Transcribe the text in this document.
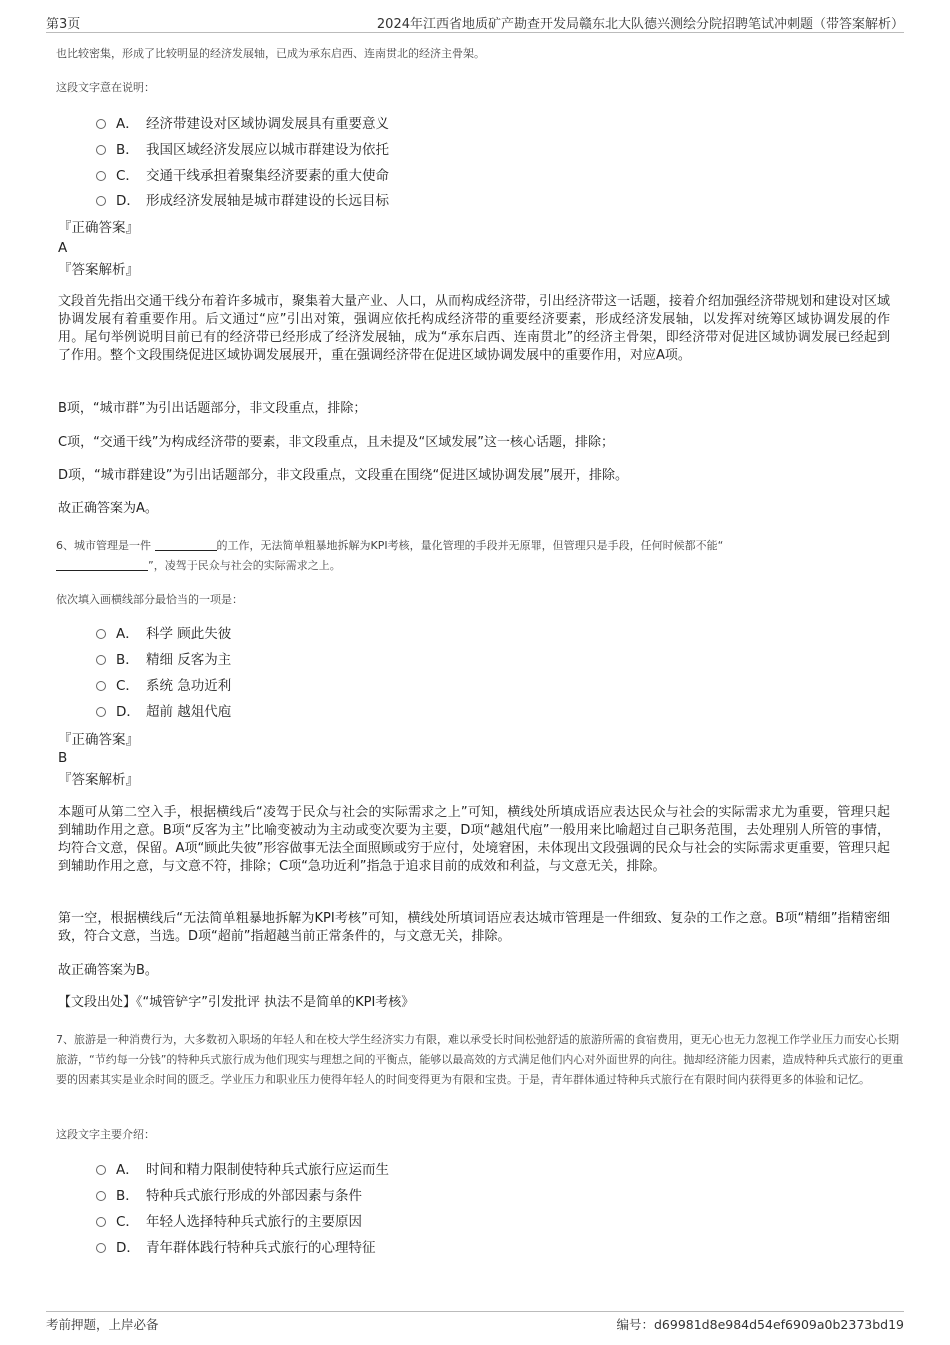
第3页	2024年江西省地质矿产勘查开发局赣东北大队德兴测绘分院招聘笔试冲刺题（带答案解析）
也比较密集，形成了比较明显的经济发展轴，已成为承东启西、连南贯北的经济主骨架。
这段文字意在说明：
A． 经济带建设对区域协调发展具有重要意义
B． 我国区域经济发展应以城市群建设为依托
C． 交通干线承担着聚集经济要素的重大使命
D． 形成经济发展轴是城市群建设的长远目标
『正确答案』
A
『答案解析』
文段首先指出交通干线分布着许多城市，聚集着大量产业、人口，从而构成经济带，引出经济带这一话题，接着介绍加强经济带规划和建设对区域协调发展有着重要作用。后文通过“应”引出对策，强调应依托构成经济带的重要经济要素，形成经济发展轴，以发挥对统筹区域协调发展的作用。尾句举例说明目前已有的经济带已经形成了经济发展轴，成为“承东启西、连南贯北”的经济主骨架，即经济带对促进区域协调发展已经起到了作用。整个文段围绕促进区域协调发展展开，重在强调经济带在促进区域协调发展中的重要作用，对应A项。
B项，“城市群”为引出话题部分，非文段重点，排除；
C项，“交通干线”为构成经济带的要素，非文段重点，且未提及“区域发展”这一核心话题，排除；
D项，“城市群建设”为引出话题部分，非文段重点，文段重在围绕“促进区域协调发展”展开，排除。
故正确答案为A。
6、城市管理是一件	的工作，无法简单粗暴地拆解为KPI考核，量化管理的手段并无原罪，但管理只是手段，任何时候都不能“
”，凌驾于民众与社会的实际需求之上。
依次填入画横线部分最恰当的一项是：
A． 科学 顾此失彼
B． 精细 反客为主
C． 系统 急功近利
D． 超前 越俎代庖
『正确答案』
B
『答案解析』
本题可从第二空入手，根据横线后“凌驾于民众与社会的实际需求之上”可知，横线处所填成语应表达民众与社会的实际需求尤为重要，管理只起到辅助作用之意。B项“反客为主”比喻变被动为主动或变次要为主要，D项“越俎代庖”一般用来比喻超过自己职务范围，去处理别人所管的事情，均符合文意，保留。A项“顾此失彼”形容做事无法全面照顾或穷于应付，处境窘困，未体现出文段强调的民众与社会的实际需求更重要，管理只起到辅助作用之意，与文意不符，排除；C项“急功近利”指急于追求目前的成效和利益，与文意无关，排除。
第一空，根据横线后“无法简单粗暴地拆解为KPI考核”可知，横线处所填词语应表达城市管理是一件细致、复杂的工作之意。B项“精细”指精密细致，符合文意，当选。D项“超前”指超越当前正常条件的，与文意无关，排除。
故正确答案为B。
【文段出处】《“城管铲字”引发批评 执法不是简单的KPI考核》
7、旅游是一种消费行为，大多数初入职场的年轻人和在校大学生经济实力有限，难以承受长时间松弛舒适的旅游所需的食宿费用，更无心也无力忽视工作学业压力而安心长期旅游，“节约每一分钱”的特种兵式旅行成为他们现实与理想之间的平衡点，能够以最高效的方式满足他们内心对外面世界的向往。抛却经济能力因素，造成特种兵式旅行的更重要的因素其实是业余时间的匮乏。学业压力和职业压力使得年轻人的时间变得更为有限和宝贵。于是，青年群体通过特种兵式旅行在有限时间内获得更多的体验和记忆。
这段文字主要介绍：
A． 时间和精力限制使特种兵式旅行应运而生
B． 特种兵式旅行形成的外部因素与条件
C． 年轻人选择特种兵式旅行的主要原因
D． 青年群体践行特种兵式旅行的心理特征
考前押题，上岸必备	编号：d69981d8e984d54ef6909a0b2373bd19
